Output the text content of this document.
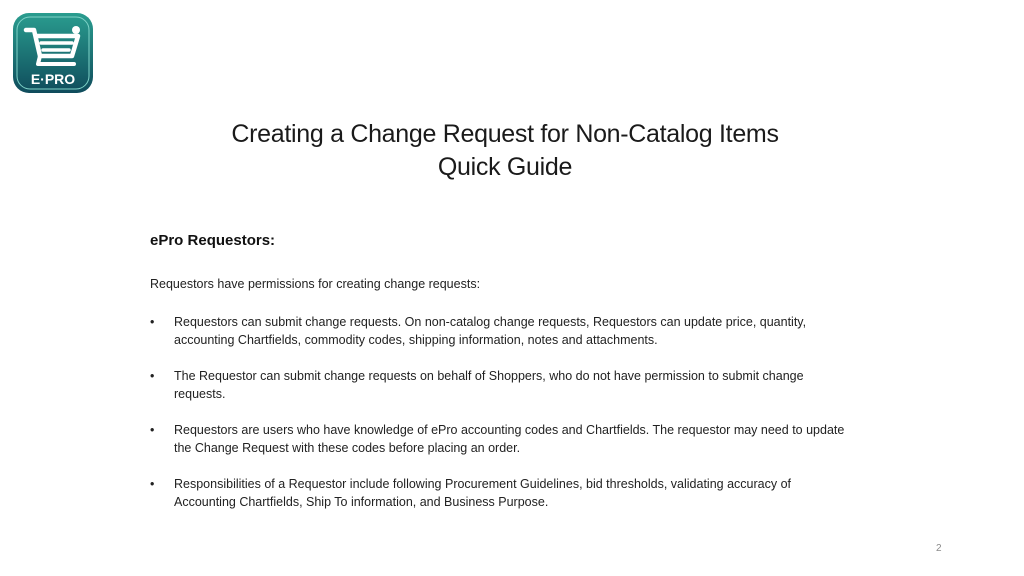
E·PRO
Creating a Change Request for Non-Catalog Items
Quick Guide
ePro Requestors:
Requestors have permissions for creating change requests:
• Requestors can submit change requests. On non-catalog change requests, Requestors can update price, quantity, accounting Chartfields, commodity codes, shipping information, notes and attachments.
• The Requestor can submit change requests on behalf of Shoppers, who do not have permission to submit change requests.
• Requestors are users who have knowledge of ePro accounting codes and Chartfields. The requestor may need to update the Change Request with these codes before placing an order.
• Responsibilities of a Requestor include following Procurement Guidelines, bid thresholds, validating accuracy of Accounting Chartfields, Ship To information, and Business Purpose.
2
